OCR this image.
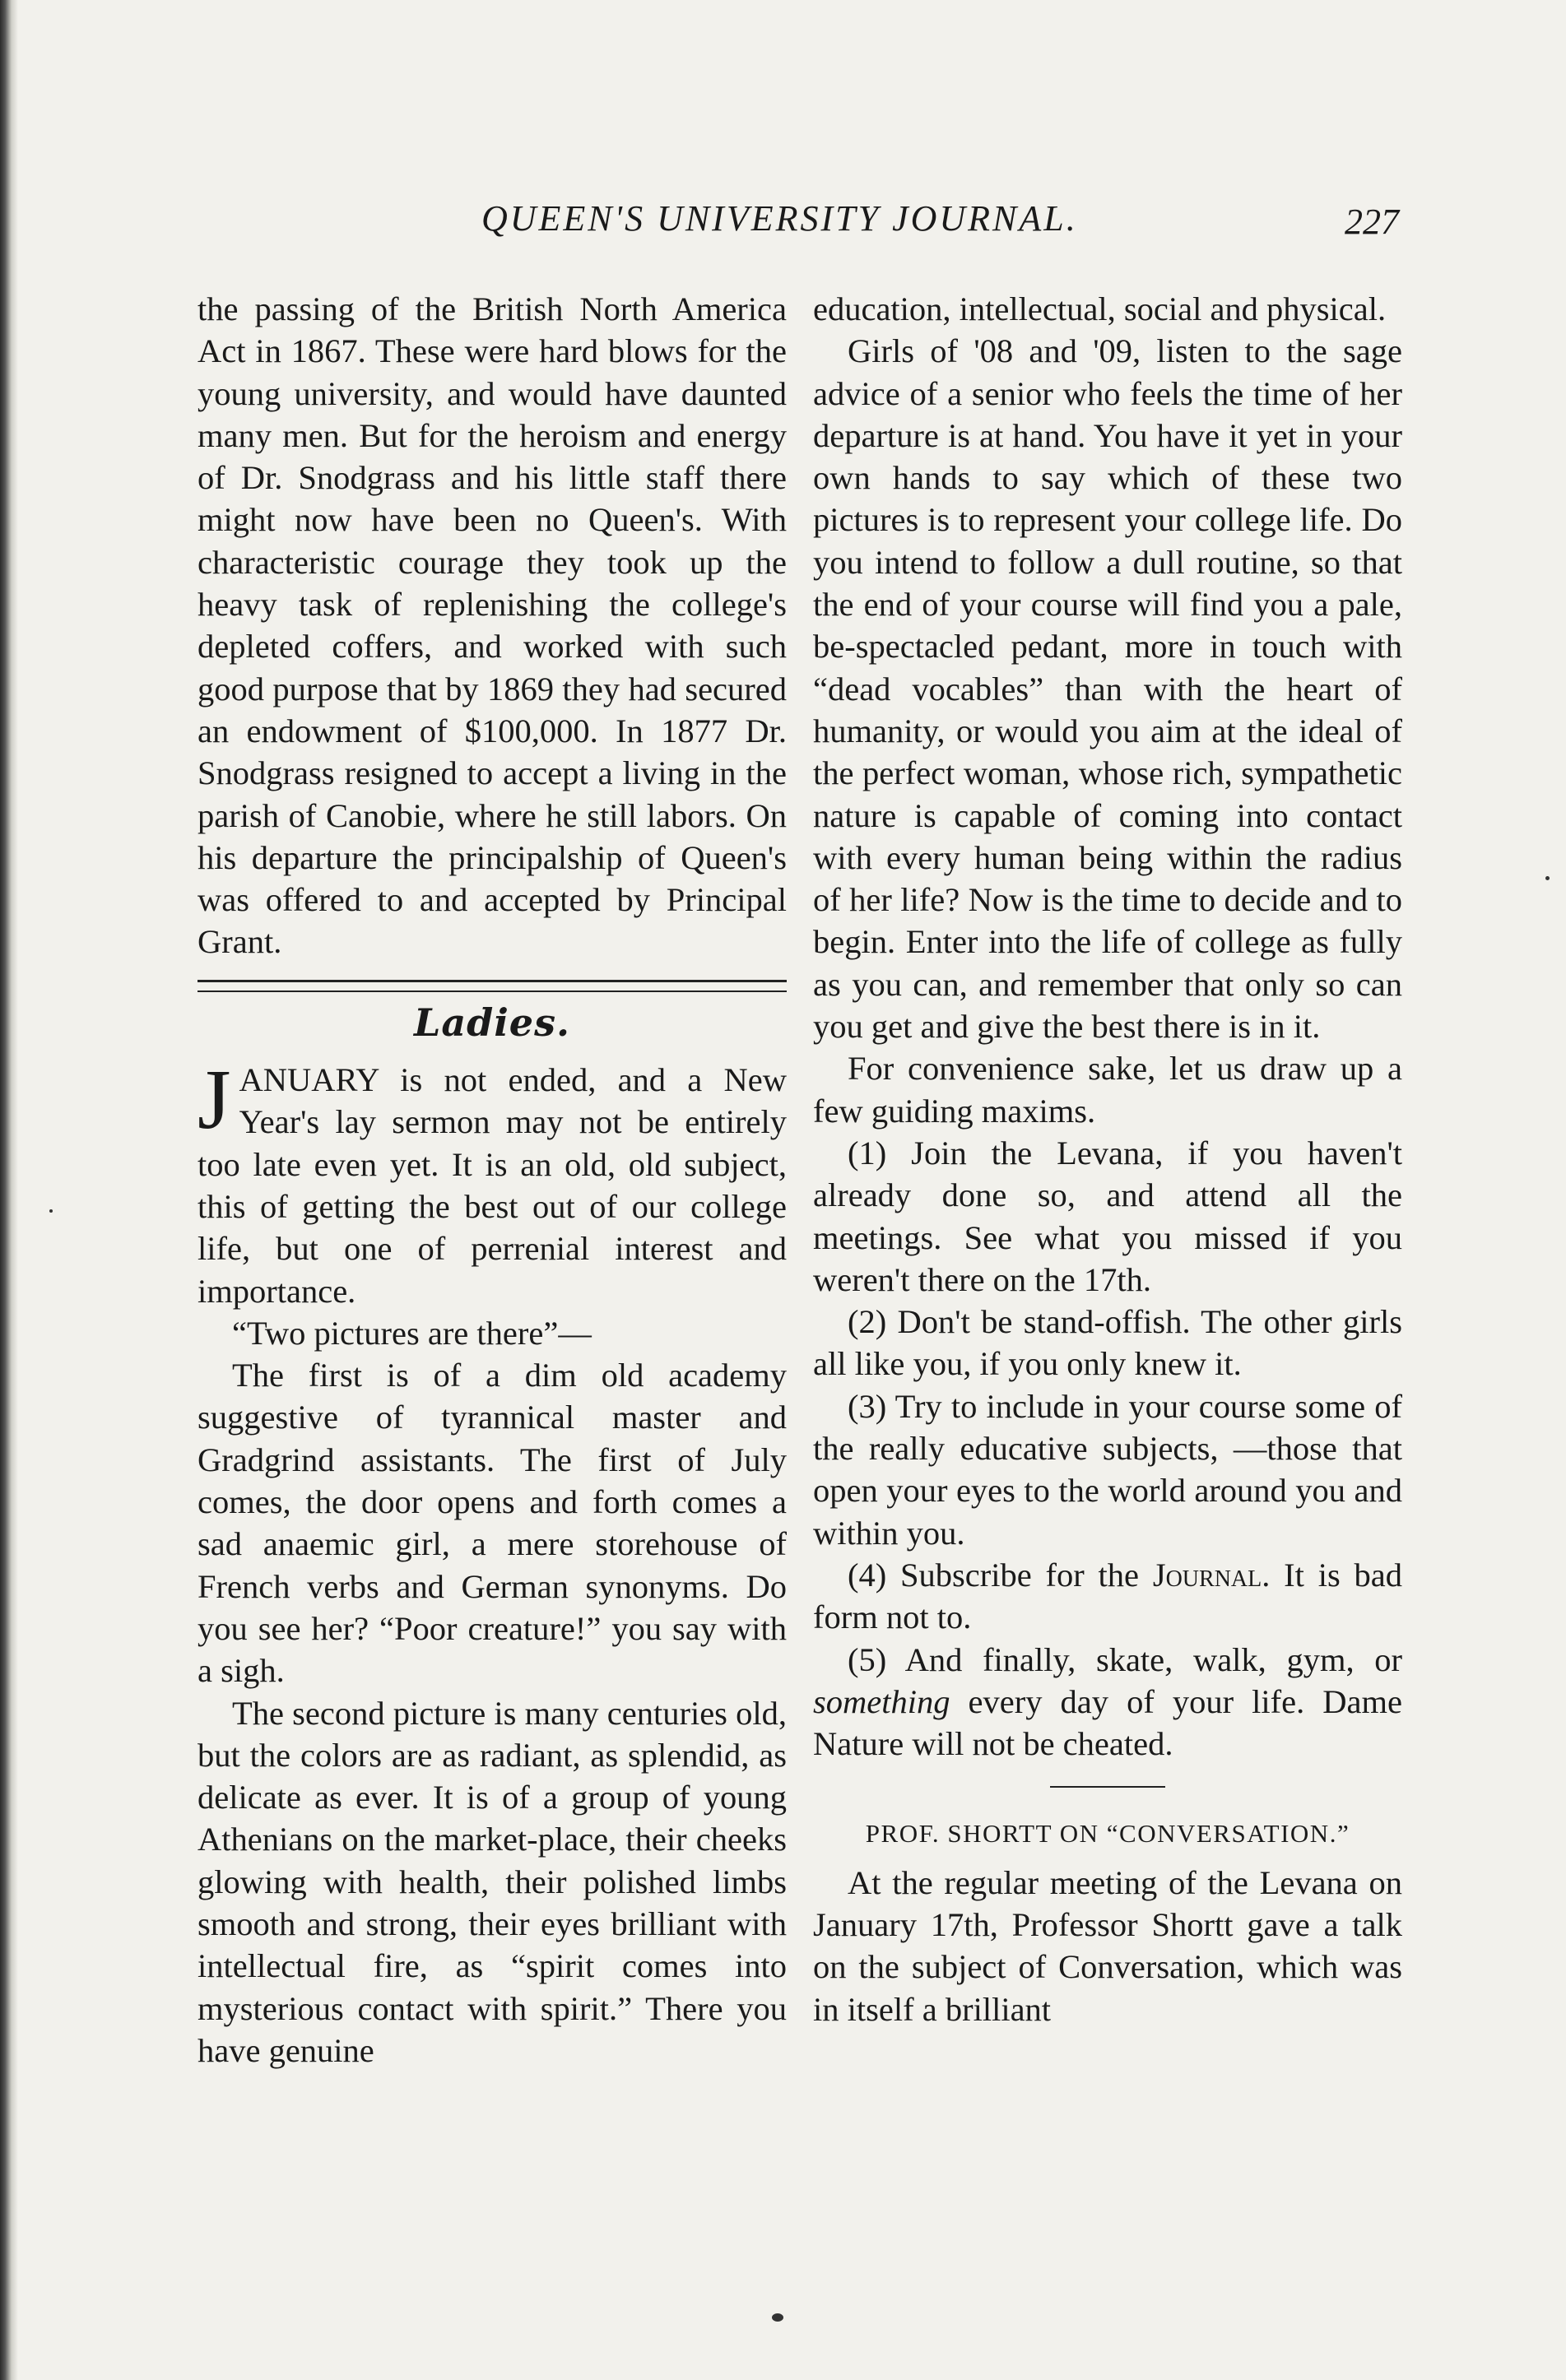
QUEEN'S UNIVERSITY JOURNAL.	227

the passing of the British North America Act in 1867. These were hard blows for the young university, and would have daunted many men. But for the heroism and energy of Dr. Snodgrass and his little staff there might now have been no Queen's. With characteristic courage they took up the heavy task of replenishing the college's depleted coffers, and worked with such good purpose that by 1869 they had secured an endowment of $100,000. In 1877 Dr. Snodgrass resigned to accept a living in the parish of Canobie, where he still labors. On his departure the principalship of Queen's was offered to and accepted by Principal Grant.

Ladies.

JANUARY is not ended, and a New Year's lay sermon may not be entirely too late even yet. It is an old, old subject, this of getting the best out of our college life, but one of perrenial interest and importance.

“Two pictures are there”—

The first is of a dim old academy suggestive of tyrannical master and Gradgrind assistants. The first of July comes, the door opens and forth comes a sad anaemic girl, a mere storehouse of French verbs and German synonyms. Do you see her? “Poor creature!” you say with a sigh.

The second picture is many centuries old, but the colors are as radiant, as splendid, as delicate as ever. It is of a group of young Athenians on the market-place, their cheeks glowing with health, their polished limbs smooth and strong, their eyes brilliant with intellectual fire, as “spirit comes into mysterious contact with spirit.” There you have genuine

education, intellectual, social and physical.

Girls of '08 and '09, listen to the sage advice of a senior who feels the time of her departure is at hand. You have it yet in your own hands to say which of these two pictures is to represent your college life. Do you intend to follow a dull routine, so that the end of your course will find you a pale, be-spectacled pedant, more in touch with “dead vocables” than with the heart of humanity, or would you aim at the ideal of the perfect woman, whose rich, sympathetic nature is capable of coming into contact with every human being within the radius of her life? Now is the time to decide and to begin. Enter into the life of college as fully as you can, and remember that only so can you get and give the best there is in it.

For convenience sake, let us draw up a few guiding maxims.

(1) Join the Levana, if you haven't already done so, and attend all the meetings. See what you missed if you weren't there on the 17th.

(2) Don't be stand-offish. The other girls all like you, if you only knew it.

(3) Try to include in your course some of the really educative subjects, —those that open your eyes to the world around you and within you.

(4) Subscribe for the Journal. It is bad form not to.

(5) And finally, skate, walk, gym, or something every day of your life. Dame Nature will not be cheated.

PROF. SHORTT ON “CONVERSATION.”

At the regular meeting of the Levana on January 17th, Professor Shortt gave a talk on the subject of Conversation, which was in itself a brilliant
